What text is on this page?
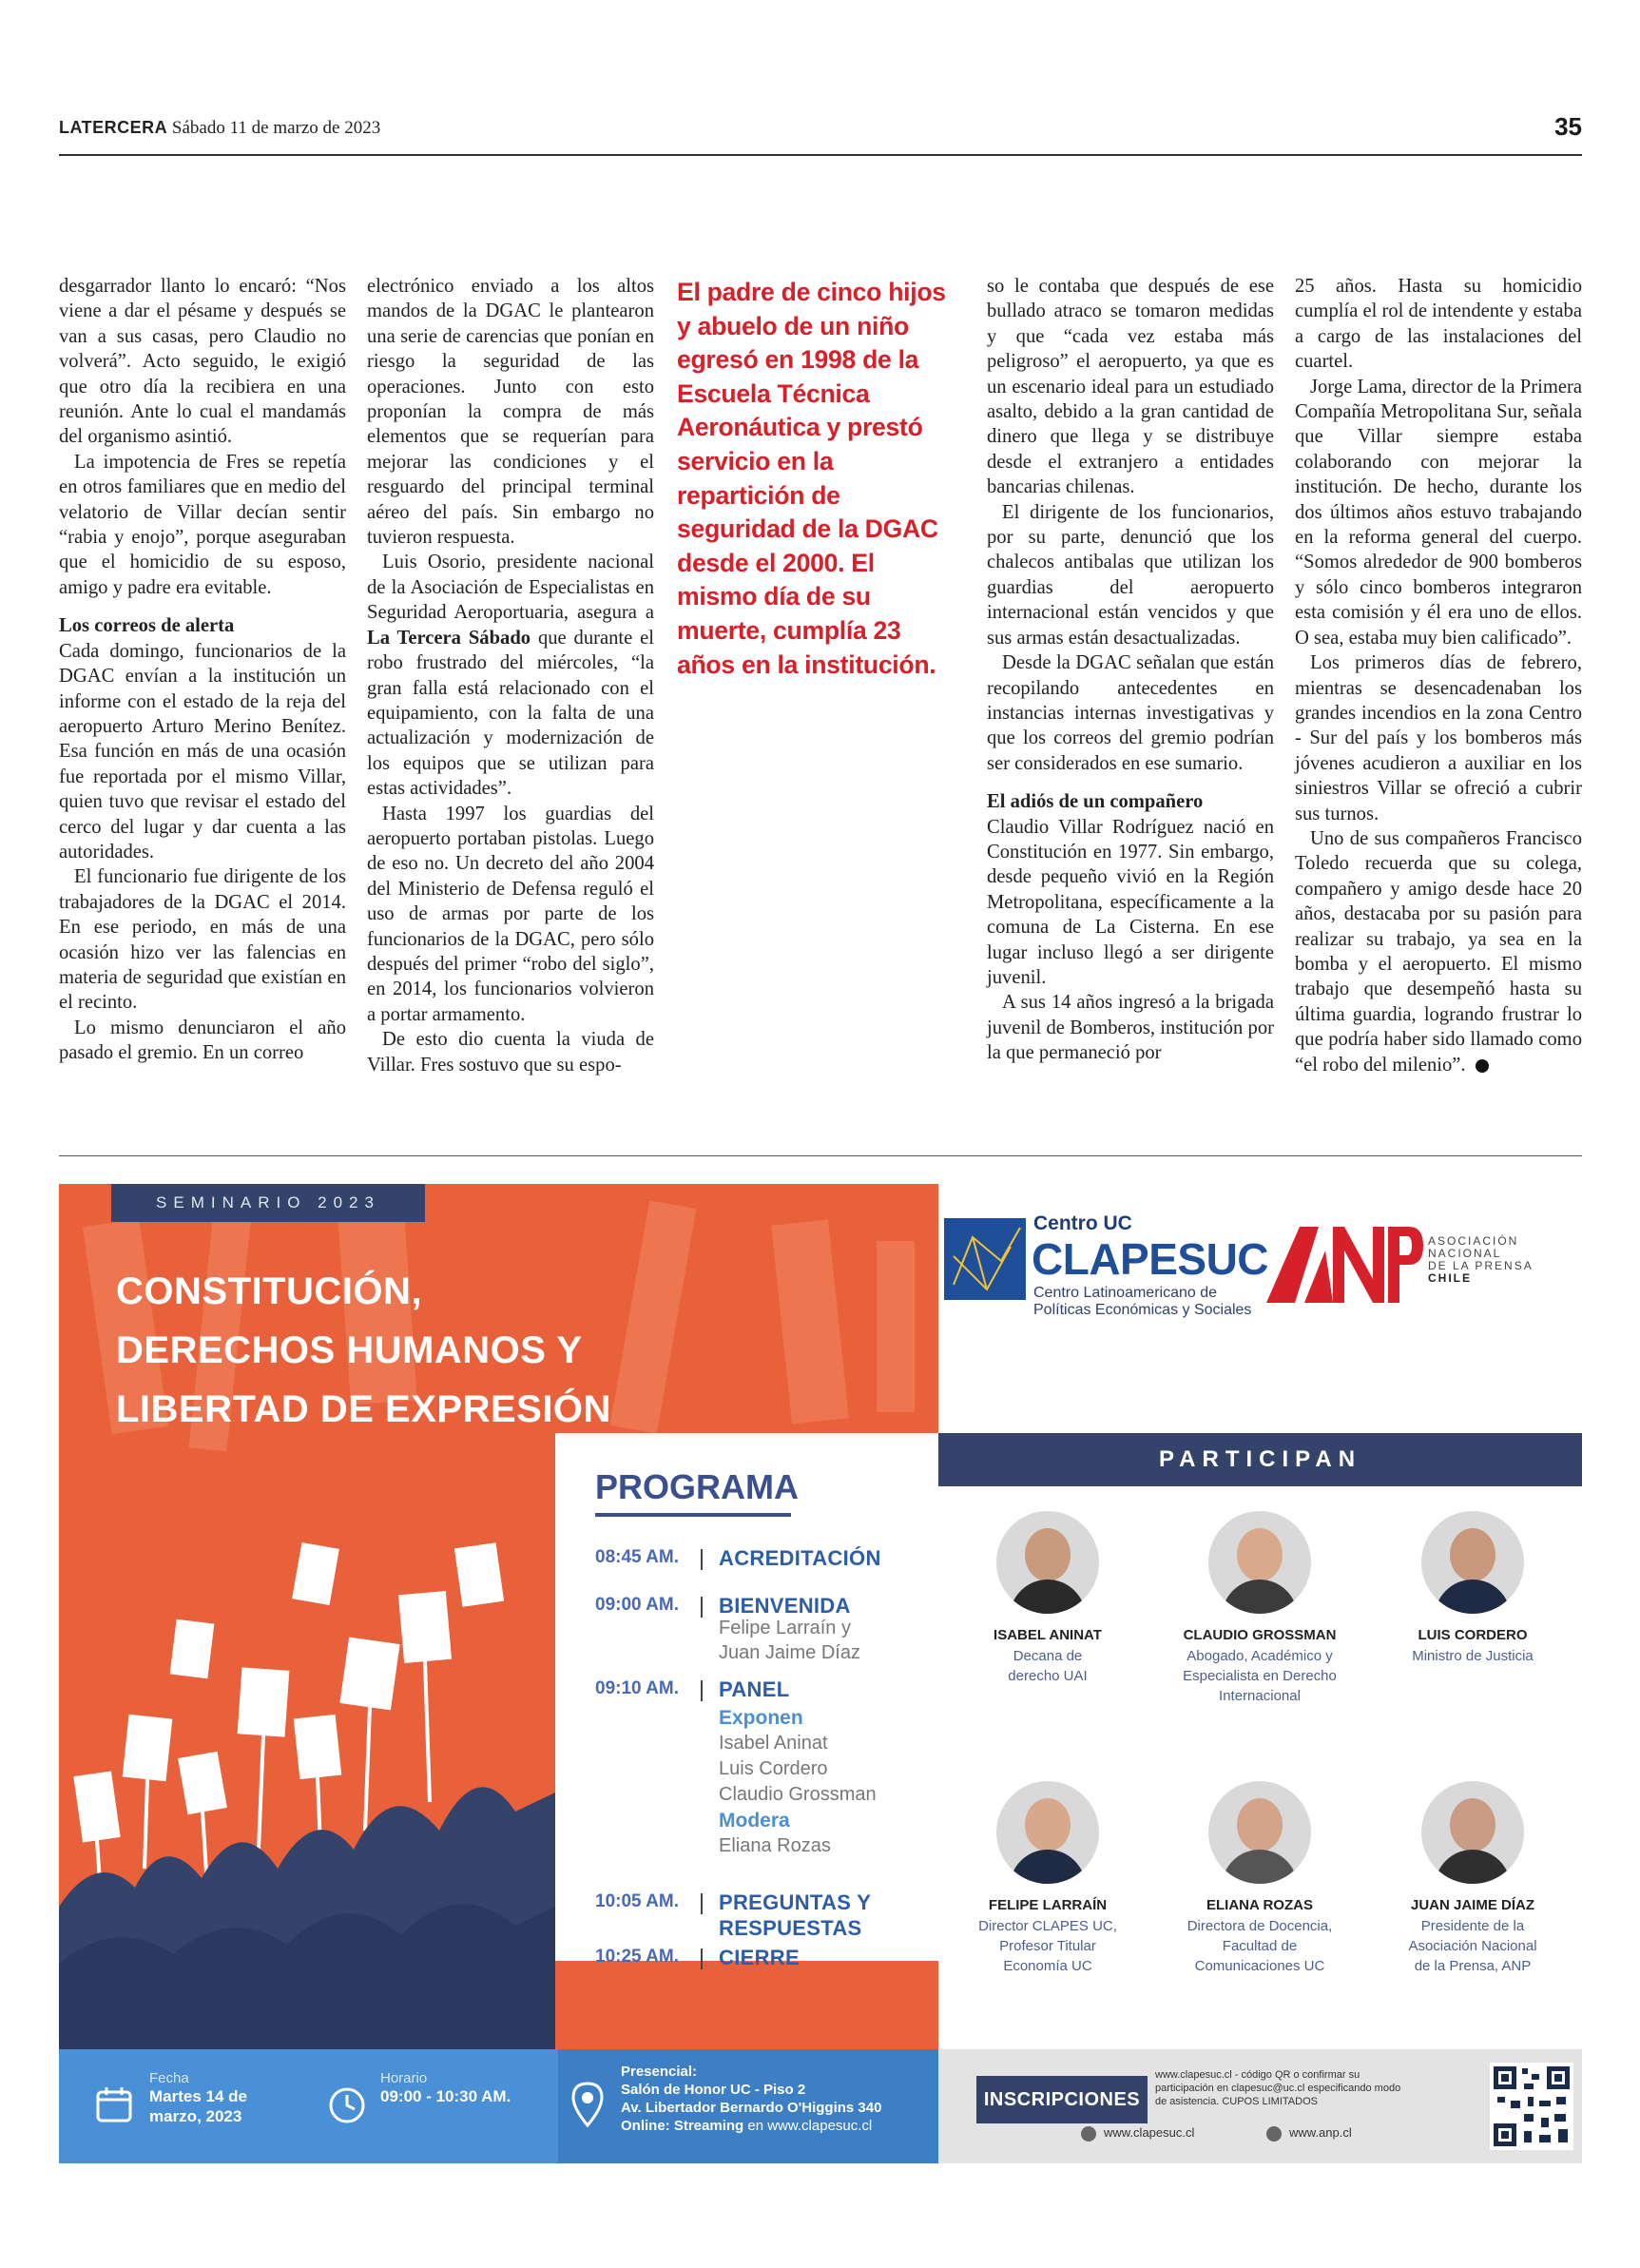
LATERCERA Sábado 11 de marzo de 2023	35

desgarrador llanto lo encaró: “Nos viene a dar el pésame y después se van a sus casas, pero Claudio no volverá”. Acto seguido, le exigió que otro día la recibiera en una reunión. Ante lo cual el mandamás del organismo asintió.

La impotencia de Fres se repetía en otros familiares que en medio del velatorio de Villar decían sentir “rabia y enojo”, porque aseguraban que el homicidio de su esposo, amigo y padre era evitable.

Los correos de alerta

Cada domingo, funcionarios de la DGAC envían a la institución un informe con el estado de la reja del aeropuerto Arturo Merino Benítez. Esa función en más de una ocasión fue reportada por el mismo Villar, quien tuvo que revisar el estado del cerco del lugar y dar cuenta a las autoridades.

El funcionario fue dirigente de los trabajadores de la DGAC el 2014. En ese periodo, en más de una ocasión hizo ver las falencias en materia de seguridad que existían en el recinto.

Lo mismo denunciaron el año pasado el gremio. En un correo

electrónico enviado a los altos mandos de la DGAC le plantearon una serie de carencias que ponían en riesgo la seguridad de las operaciones. Junto con esto proponían la compra de más elementos que se requerían para mejorar las condiciones y el resguardo del principal terminal aéreo del país. Sin embargo no tuvieron respuesta.

Luis Osorio, presidente nacional de la Asociación de Especialistas en Seguridad Aeroportuaria, asegura a La Tercera Sábado que durante el robo frustrado del miércoles, “la gran falla está relacionado con el equipamiento, con la falta de una actualización y modernización de los equipos que se utilizan para estas actividades”.

Hasta 1997 los guardias del aeropuerto portaban pistolas. Luego de eso no. Un decreto del año 2004 del Ministerio de Defensa reguló el uso de armas por parte de los funcionarios de la DGAC, pero sólo después del primer “robo del siglo”, en 2014, los funcionarios volvieron a portar armamento.

De esto dio cuenta la viuda de Villar. Fres sostuvo que su espo-

El padre de cinco hijos y abuelo de un niño egresó en 1998 de la Escuela Técnica Aeronáutica y prestó servicio en la repartición de seguridad de la DGAC desde el 2000. El mismo día de su muerte, cumplía 23 años en la institución.

so le contaba que después de ese bullado atraco se tomaron medidas y que “cada vez estaba más peligroso” el aeropuerto, ya que es un escenario ideal para un estudiado asalto, debido a la gran cantidad de dinero que llega y se distribuye desde el extranjero a entidades bancarias chilenas.

El dirigente de los funcionarios, por su parte, denunció que los chalecos antibalas que utilizan los guardias del aeropuerto internacional están vencidos y que sus armas están desactualizadas.

Desde la DGAC señalan que están recopilando antecedentes en instancias internas investigativas y que los correos del gremio podrían ser considerados en ese sumario.

El adiós de un compañero

Claudio Villar Rodríguez nació en Constitución en 1977. Sin embargo, desde pequeño vivió en la Región Metropolitana, específicamente a la comuna de La Cisterna. En ese lugar incluso llegó a ser dirigente juvenil.

A sus 14 años ingresó a la brigada juvenil de Bomberos, institución por la que permaneció por

25 años. Hasta su homicidio cumplía el rol de intendente y estaba a cargo de las instalaciones del cuartel.

Jorge Lama, director de la Primera Compañía Metropolitana Sur, señala que Villar siempre estaba colaborando con mejorar la institución. De hecho, durante los dos últimos años estuvo trabajando en la reforma general del cuerpo. “Somos alrededor de 900 bomberos y sólo cinco bomberos integraron esta comisión y él era uno de ellos. O sea, estaba muy bien calificado”.

Los primeros días de febrero, mientras se desencadenaban los grandes incendios en la zona Centro - Sur del país y los bomberos más jóvenes acudieron a auxiliar en los siniestros Villar se ofreció a cubrir sus turnos.

Uno de sus compañeros Francisco Toledo recuerda que su colega, compañero y amigo desde hace 20 años, destacaba por su pasión para realizar su trabajo, ya sea en la bomba y el aeropuerto. El mismo trabajo que desempeñó hasta su última guardia, logrando frustrar lo que podría haber sido llamado como “el robo del milenio”.

SEMINARIO 2023
CONSTITUCIÓN,
DERECHOS HUMANOS Y
LIBERTAD DE EXPRESIÓN
PROGRAMA
08:45 AM.	ACREDITACIÓN
09:00 AM.	BIENVENIDA
Felipe Larraín y
Juan Jaime Díaz
09:10 AM.	PANEL
Exponen
Isabel Aninat
Luis Cordero
Claudio Grossman
Modera
Eliana Rozas
10:05 AM.	PREGUNTAS Y
RESPUESTAS
10:25 AM.	CIERRE
Centro UC
CLAPESUC
Centro Latinoamericano de
Políticas Económicas y Sociales
ANP
ASOCIACIÓN
NACIONAL
DE LA PRENSA
CHILE
PARTICIPAN
ISABEL ANINAT
Decana de
derecho UAI
CLAUDIO GROSSMAN
Abogado, Académico y
Especialista en Derecho
Internacional
LUIS CORDERO
Ministro de Justicia
FELIPE LARRAÍN
Director CLAPES UC,
Profesor Titular
Economía UC
ELIANA ROZAS
Directora de Docencia,
Facultad de
Comunicaciones UC
JUAN JAIME DÍAZ
Presidente de la
Asociación Nacional
de la Prensa, ANP
Fecha
Martes 14 de marzo, 2023
Horario
09:00 - 10:30 AM.
Presencial:
Salón de Honor UC - Piso 2
Av. Libertador Bernardo O'Higgins 340
Online: Streaming en www.clapesuc.cl
INSCRIPCIONES
www.clapesuc.cl - código QR o confirmar su participación en clapesuc@uc.cl especificando modo de asistencia. CUPOS LIMITADOS
www.clapesuc.cl	www.anp.cl
